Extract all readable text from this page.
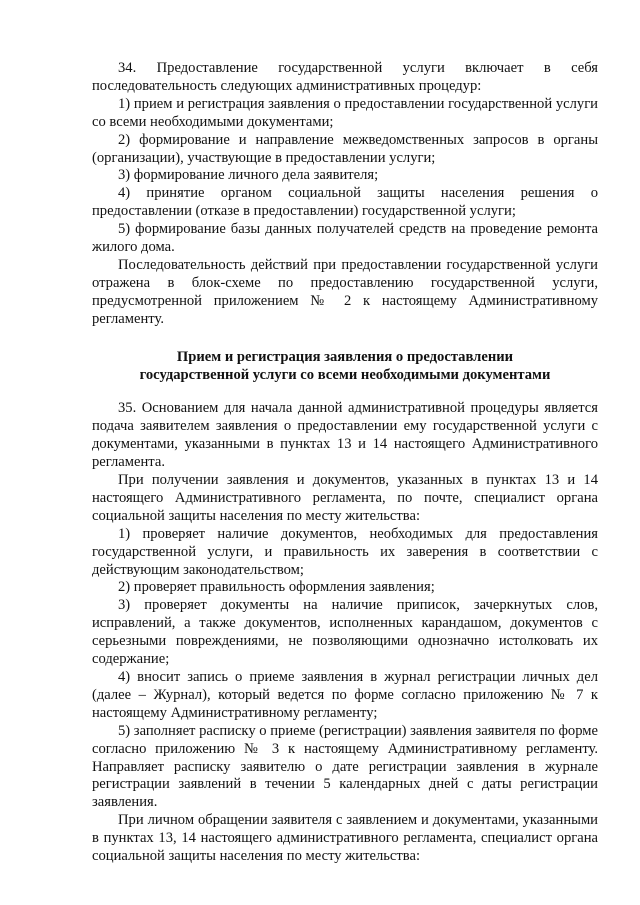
34. Предоставление государственной услуги включает в себя последовательность следующих административных процедур:

1) прием и регистрация заявления о предоставлении государственной услуги со всеми необходимыми документами;

2) формирование и направление межведомственных запросов в органы (организации), участвующие в предоставлении услуги;

3) формирование личного дела заявителя;

4) принятие органом социальной защиты населения решения о предоставлении (отказе в предоставлении) государственной услуги;

5) формирование базы данных получателей средств на проведение ремонта жилого дома.

Последовательность действий при предоставлении государственной услуги отражена в блок-схеме по предоставлению государственной услуги, предусмотренной приложением № 2 к настоящему Административному регламенту.

Прием и регистрация заявления о предоставлении
государственной услуги со всеми необходимыми документами

35. Основанием для начала данной административной процедуры является подача заявителем заявления о предоставлении ему государственной услуги с документами, указанными в пунктах 13 и 14 настоящего Административного регламента.

При получении заявления и документов, указанных в пунктах 13 и 14 настоящего Административного регламента, по почте, специалист органа социальной защиты населения по месту жительства:

1) проверяет наличие документов, необходимых для предоставления государственной услуги, и правильность их заверения в соответствии с действующим законодательством;

2) проверяет правильность оформления заявления;

3) проверяет документы на наличие приписок, зачеркнутых слов, исправлений, а также документов, исполненных карандашом, документов с серьезными повреждениями, не позволяющими однозначно истолковать их содержание;

4) вносит запись о приеме заявления в журнал регистрации личных дел (далее – Журнал), который ведется по форме согласно приложению № 7 к настоящему Административному регламенту;

5) заполняет расписку о приеме (регистрации) заявления заявителя по форме согласно приложению № 3 к настоящему Административному регламенту. Направляет расписку заявителю о дате регистрации заявления в журнале регистрации заявлений в течении 5 календарных дней с даты регистрации заявления.

При личном обращении заявителя с заявлением и документами, указанными в пунктах 13, 14 настоящего административного регламента, специалист органа социальной защиты населения по месту жительства:
